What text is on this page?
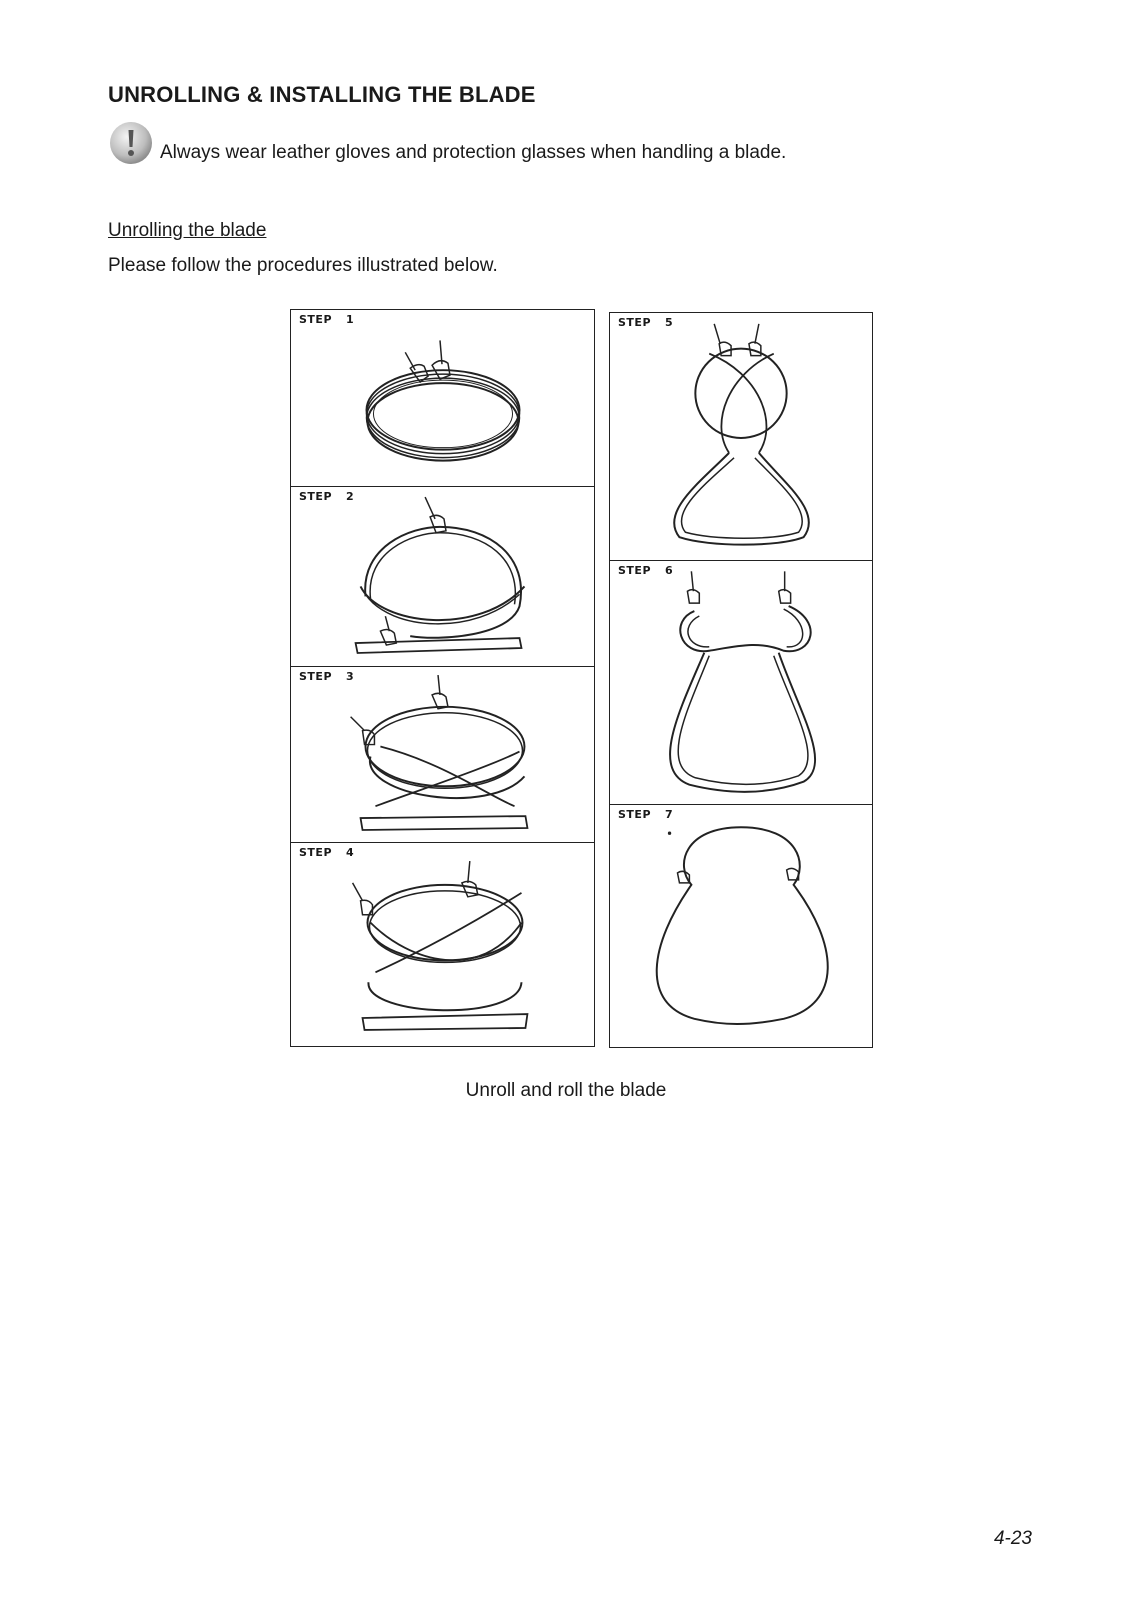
UNROLLING & INSTALLING THE BLADE
Always wear leather gloves and protection glasses when handling a blade.
Unrolling the blade
Please follow the procedures illustrated below.
STEP 1
STEP 2
STEP 3
STEP 4
STEP 5
STEP 6
STEP 7
Unroll and roll the blade
4-23
